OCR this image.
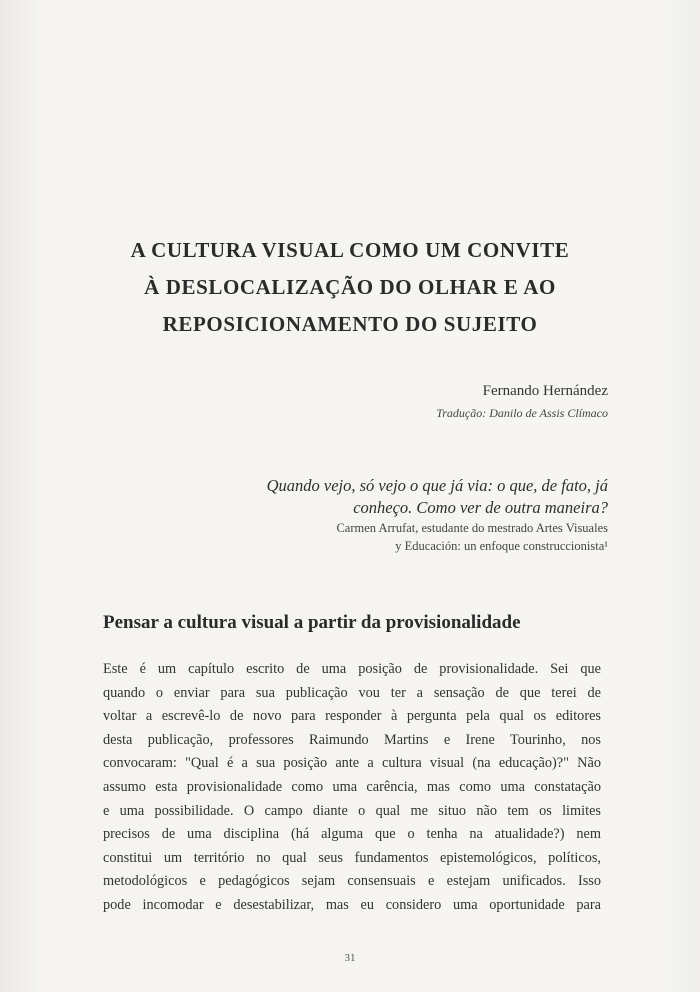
A CULTURA VISUAL COMO UM CONVITE
À DESLOCALIZAÇÃO DO OLHAR E AO
REPOSICIONAMENTO DO SUJEITO
Fernando Hernández
Tradução: Danilo de Assis Clímaco
Quando vejo, só vejo o que já via: o que, de fato, já
conheço. Como ver de outra maneira?
Carmen Arrufat, estudante do mestrado Artes Visuales
y Educación: un enfoque construccionista¹
Pensar a cultura visual a partir da provisionalidade
Este é um capítulo escrito de uma posição de provisionalidade. Sei que
quando o enviar para sua publicação vou ter a sensação de que terei de
voltar a escrevê-lo de novo para responder à pergunta pela qual os editores
desta publicação, professores Raimundo Martins e Irene Tourinho, nos
convocaram: "Qual é a sua posição ante a cultura visual (na educação)?" Não
assumo esta provisionalidade como uma carência, mas como uma constatação
e uma possibilidade. O campo diante o qual me situo não tem os limites
precisos de uma disciplina (há alguma que o tenha na atualidade?) nem
constitui um território no qual seus fundamentos epistemológicos, políticos,
metodológicos e pedagógicos sejam consensuais e estejam unificados. Isso
pode incomodar e desestabilizar, mas eu considero uma oportunidade para
31
